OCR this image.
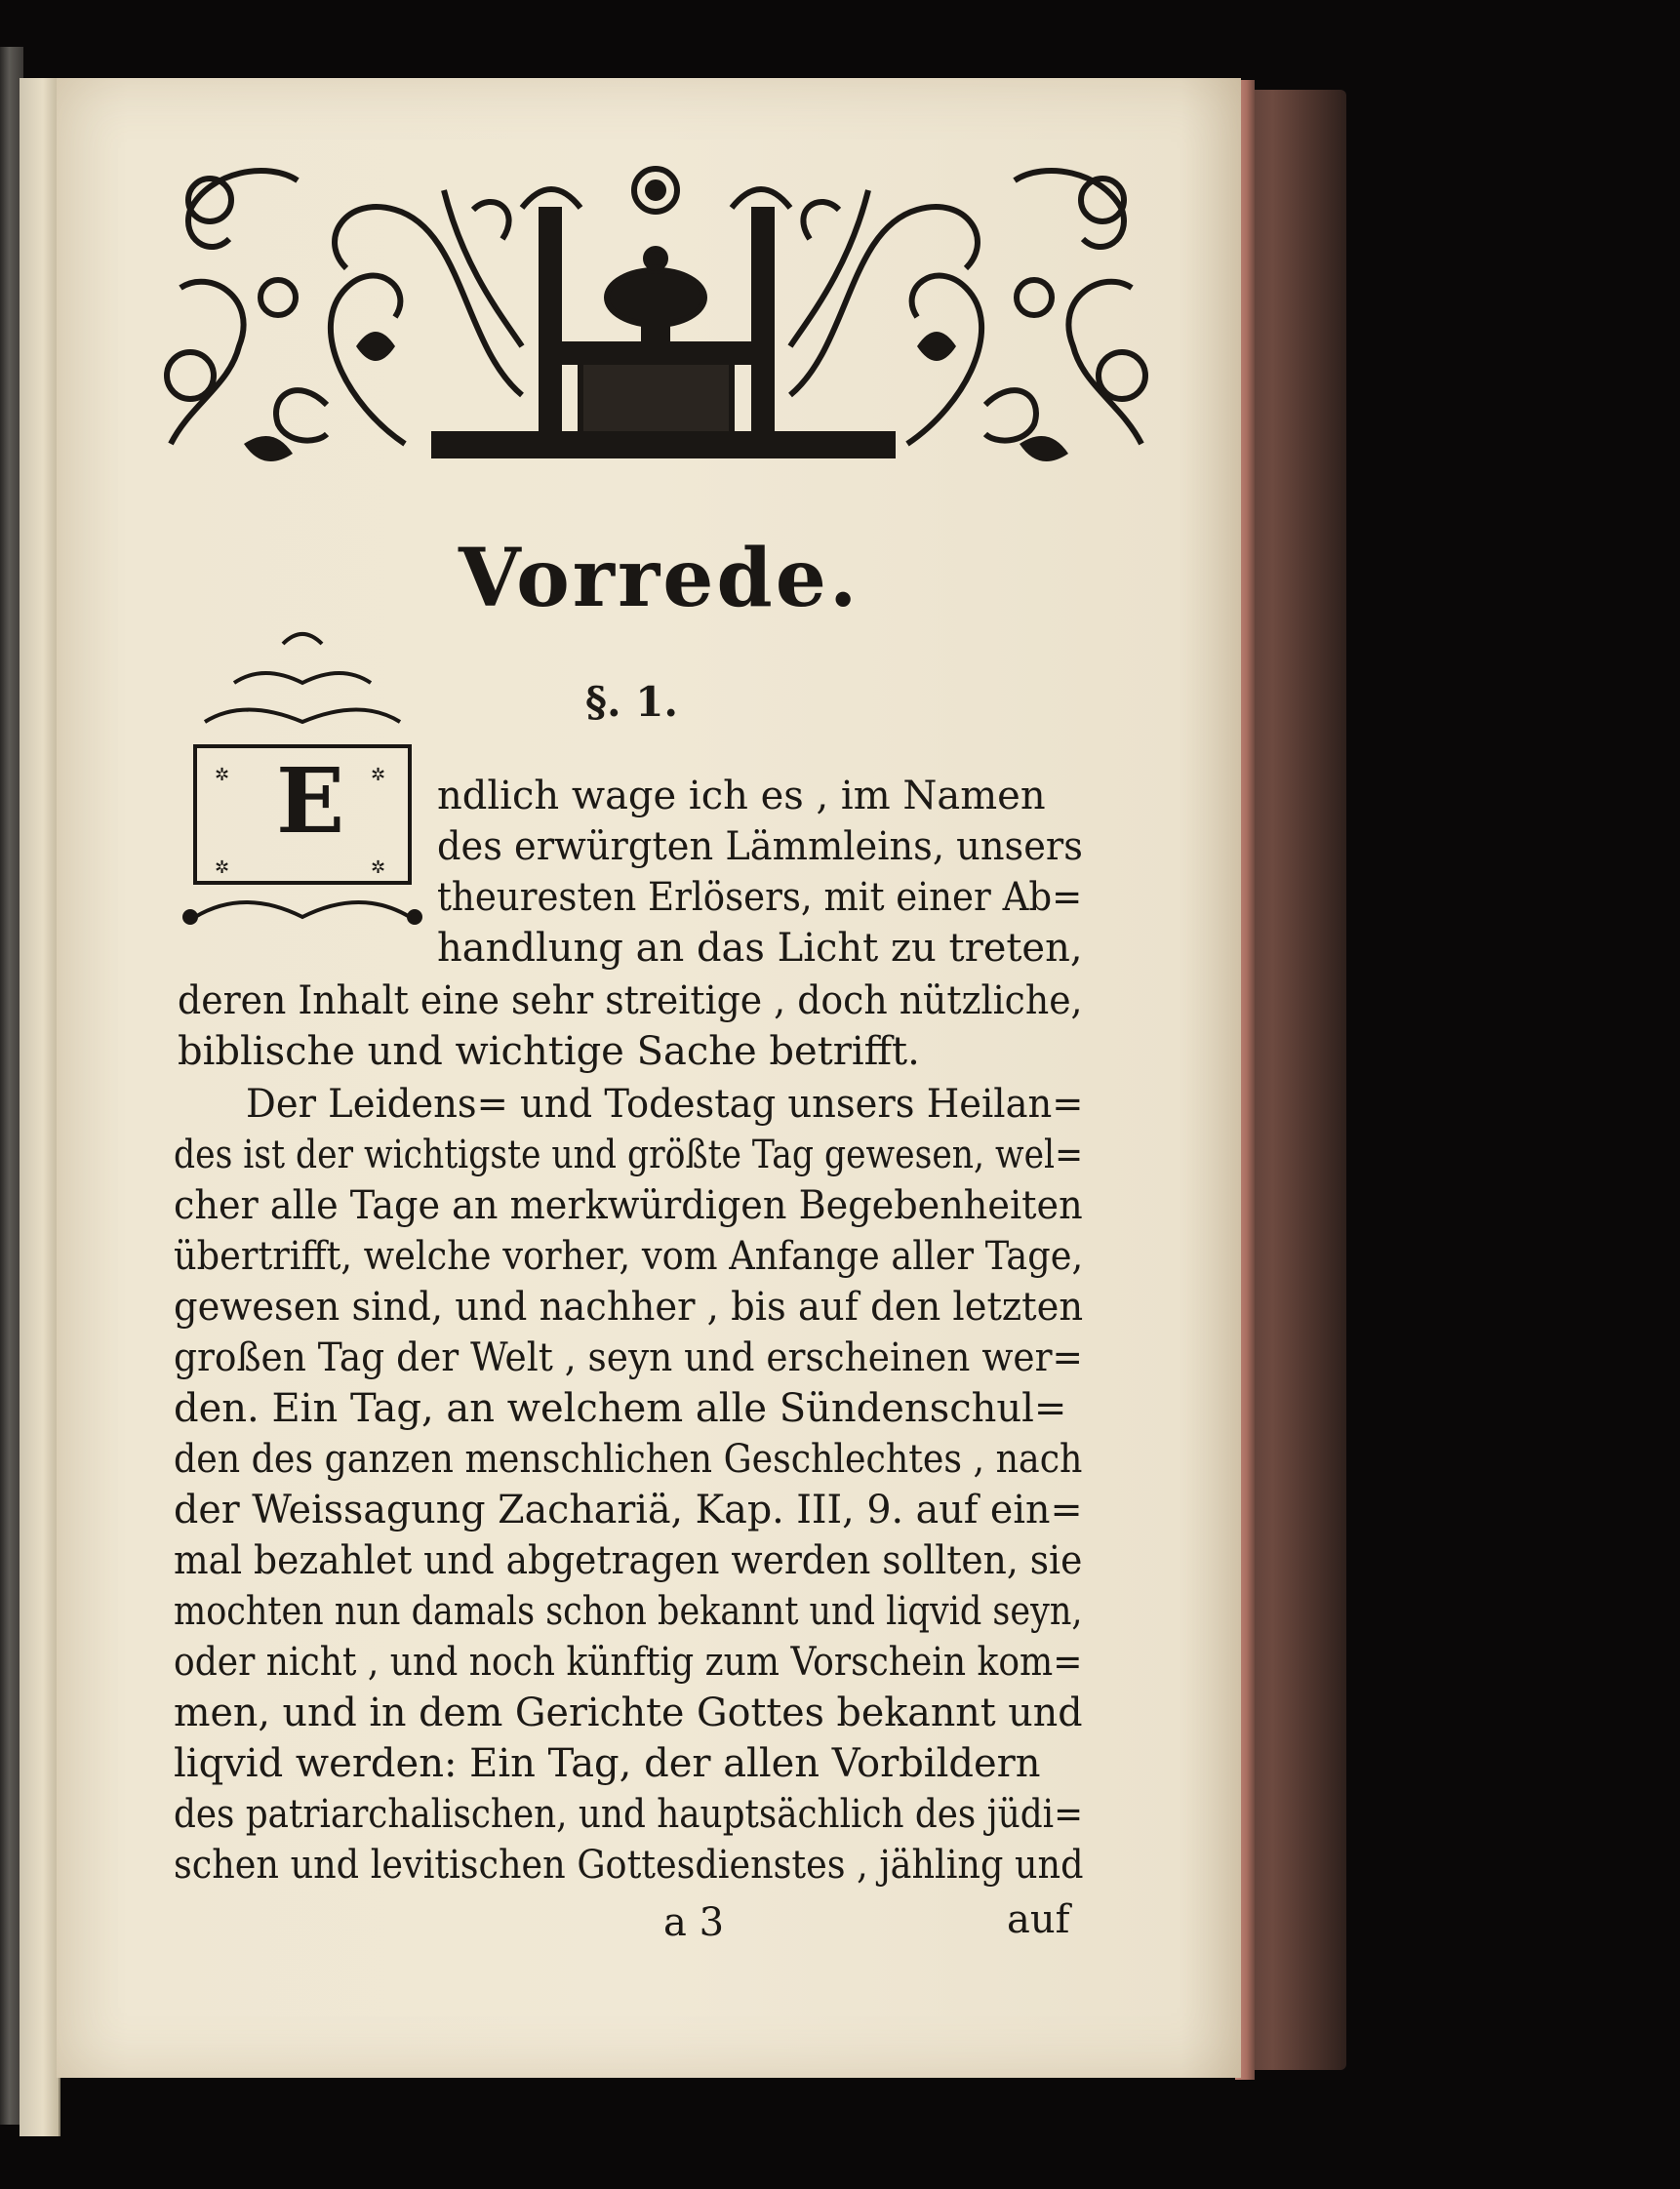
Vorrede.
✲	✲
✲	✲
E
§. 1.
ndlich wage ich es , im Namen
des erwürgten Lämmleins, unsers
theuresten Erlösers, mit einer Ab=
handlung an das Licht zu treten,
deren Inhalt eine sehr streitige , doch nützliche,
biblische und wichtige Sache betrifft.
Der Leidens= und Todestag unsers Heilan=
des ist der wichtigste und größte Tag gewesen, wel=
cher alle Tage an merkwürdigen Begebenheiten
übertrifft, welche vorher, vom Anfange aller Tage,
gewesen sind, und nachher , bis auf den letzten
großen Tag der Welt , seyn und erscheinen wer=
den. Ein Tag, an welchem alle Sündenschul=
den des ganzen menschlichen Geschlechtes , nach
der Weissagung Zachariä, Kap. III, 9. auf ein=
mal bezahlet und abgetragen werden sollten, sie
mochten nun damals schon bekannt und liqvid seyn,
oder nicht , und noch künftig zum Vorschein kom=
men, und in dem Gerichte Gottes bekannt und
liqvid werden: Ein Tag, der allen Vorbildern
des patriarchalischen, und hauptsächlich des jüdi=
schen und levitischen Gottesdienstes , jähling und
a 3	auf
